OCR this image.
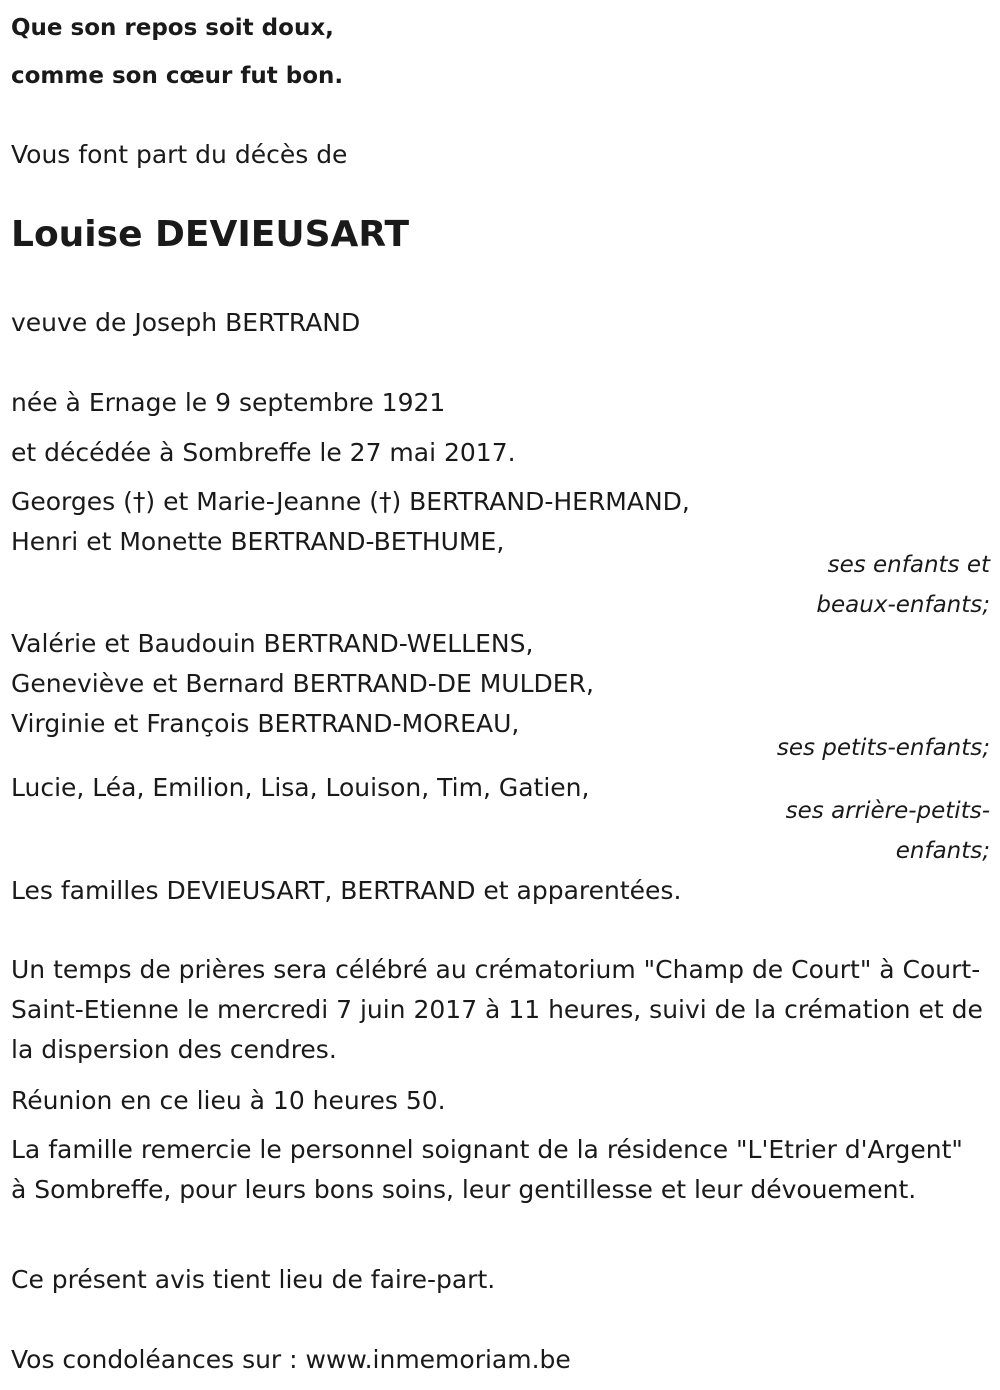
Que son repos soit doux,
comme son cœur fut bon.
Vous font part du décès de
Louise DEVIEUSART
veuve de Joseph BERTRAND
née à Ernage le 9 septembre 1921
et décédée à Sombreffe le 27 mai 2017.
Georges (†) et Marie-Jeanne (†) BERTRAND-HERMAND,
Henri et Monette BERTRAND-BETHUME,
ses enfants et
beaux-enfants;
Valérie et Baudouin BERTRAND-WELLENS,
Geneviève et Bernard BERTRAND-DE MULDER,
Virginie et François BERTRAND-MOREAU,
ses petits-enfants;
Lucie, Léa, Emilion, Lisa, Louison, Tim, Gatien,
ses arrière-petits-
enfants;
Les familles DEVIEUSART, BERTRAND et apparentées.
Un temps de prières sera célébré au crématorium "Champ de Court" à Court-Saint-Etienne le mercredi 7 juin 2017 à 11 heures, suivi de la crémation et de la dispersion des cendres.
Réunion en ce lieu à 10 heures 50.
La famille remercie le personnel soignant de la résidence "L'Etrier d'Argent" à Sombreffe, pour leurs bons soins, leur gentillesse et leur dévouement.
Ce présent avis tient lieu de faire-part.
Vos condoléances sur : www.inmemoriam.be
